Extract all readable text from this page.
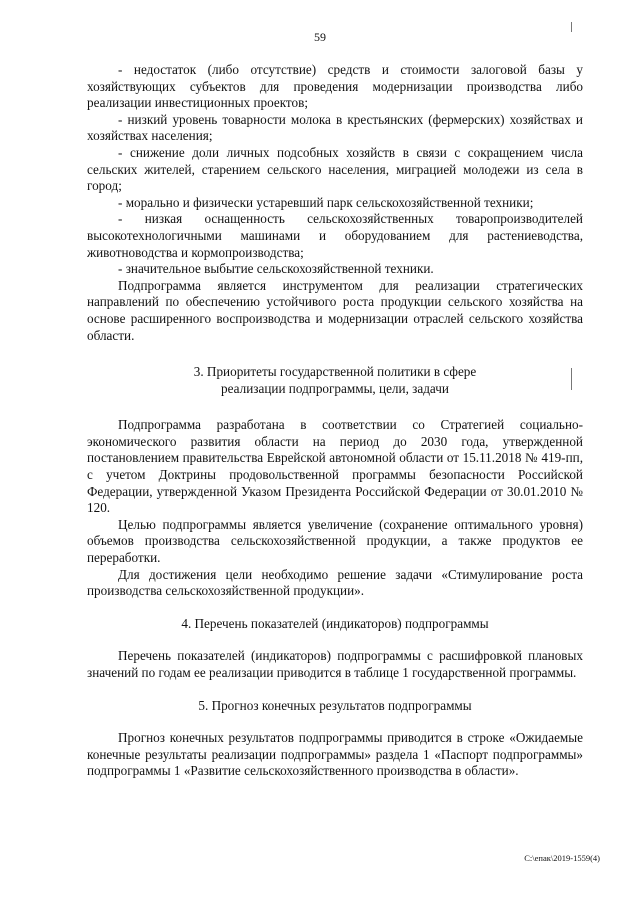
59

- недостаток (либо отсутствие) средств и стоимости залоговой базы у хозяйствующих субъектов для проведения модернизации производства либо реализации инвестиционных проектов;

- низкий уровень товарности молока в крестьянских (фермерских) хозяйствах и хозяйствах населения;

- снижение доли личных подсобных хозяйств в связи с сокращением числа сельских жителей, старением сельского населения, миграцией молодежи из села в город;

- морально и физически устаревший парк сельскохозяйственной техники;

- низкая оснащенность сельскохозяйственных товаропроизводителей высокотехнологичными машинами и оборудованием для растениеводства, животноводства и кормопроизводства;

- значительное выбытие сельскохозяйственной техники.

Подпрограмма является инструментом для реализации стратегических направлений по обеспечению устойчивого роста продукции сельского хозяйства на основе расширенного воспроизводства и модернизации отраслей сельского хозяйства области.

3. Приоритеты государственной политики в сфере
реализации подпрограммы, цели, задачи

Подпрограмма разработана в соответствии со Стратегией социально-экономического развития области на период до 2030 года, утвержденной постановлением правительства Еврейской автономной области от 15.11.2018 № 419-пп, с учетом Доктрины продовольственной программы безопасности Российской Федерации, утвержденной Указом Президента Российской Федерации от 30.01.2010 № 120.

Целью подпрограммы является увеличение (сохранение оптимального уровня) объемов производства сельскохозяйственной продукции, а также продуктов ее переработки.

Для достижения цели необходимо решение задачи «Стимулирование роста производства сельскохозяйственной продукции».

4. Перечень показателей (индикаторов) подпрограммы

Перечень показателей (индикаторов) подпрограммы с расшифровкой плановых значений по годам ее реализации приводится в таблице 1 государственной программы.

5. Прогноз конечных результатов подпрограммы

Прогноз конечных результатов подпрограммы приводится в строке «Ожидаемые конечные результаты реализации подпрограммы» раздела 1 «Паспорт подпрограммы» подпрограммы 1 «Развитие сельскохозяйственного производства в области».

С:\eпак\2019-1559(4)
